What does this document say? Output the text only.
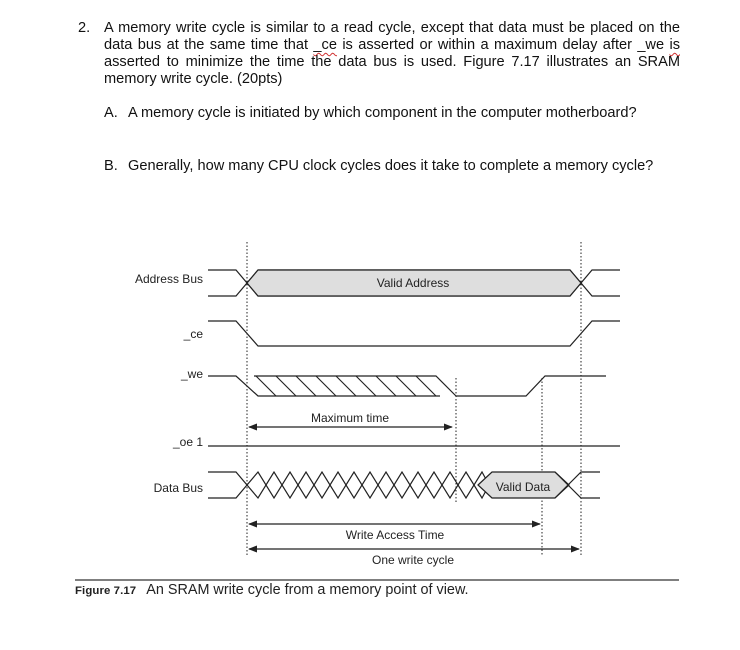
2. A memory write cycle is similar to a read cycle, except that data must be placed on the
data bus at the same time that _ce is asserted or within a maximum delay after _we is
asserted to minimize the time the data bus is used. Figure 7.17 illustrates an SRAM
memory write cycle. (20pts)
A. A memory cycle is initiated by which component in the computer motherboard?
B. Generally, how many CPU clock cycles does it take to complete a memory cycle?
Address Bus
_ce
_we
_oe 1
Data Bus
Valid Address
Maximum time
Valid Data
Write Access Time
One write cycle
Figure 7.17 An SRAM write cycle from a memory point of view.
